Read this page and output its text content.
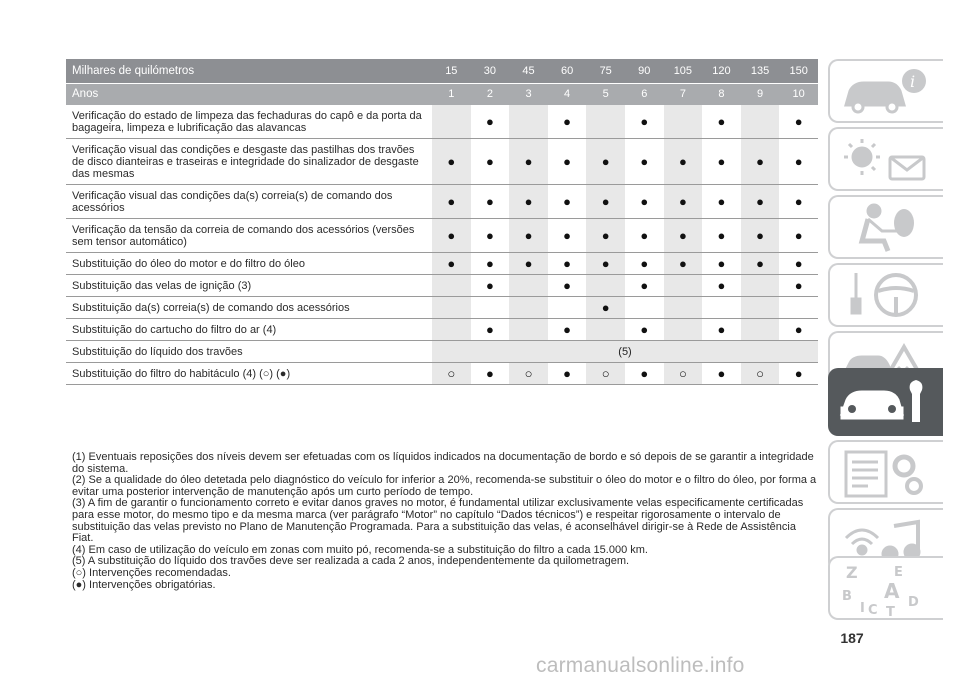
Milhares de quilómetros	15	30	45	60	75	90	105	120	135	150
Anos	1	2	3	4	5	6	7	8	9	10
Verificação do estado de limpeza das fechaduras do capô e da porta da bagageira, limpeza e lubrificação das alavancas		●		●		●		●		●
Verificação visual das condições e desgaste das pastilhas dos travões de disco dianteiras e traseiras e integridade do sinalizador de desgaste das mesmas	●	●	●	●	●	●	●	●	●	●
Verificação visual das condições da(s) correia(s) de comando dos acessórios	●	●	●	●	●	●	●	●	●	●
Verificação da tensão da correia de comando dos acessórios (versões sem tensor automático)	●	●	●	●	●	●	●	●	●	●
Substituição do óleo do motor e do filtro do óleo	●	●	●	●	●	●	●	●	●	●
Substituição das velas de ignição (3)		●		●		●		●		●
Substituição da(s) correia(s) de comando dos acessórios					●					
Substituição do cartucho do filtro do ar (4)		●		●		●		●		●
Substituição do líquido dos travões	(5)									
Substituição do filtro do habitáculo (4) (○) (●)	○	●	○	●	○	●	○	●	○	●

(1) Eventuais reposições dos níveis devem ser efetuadas com os líquidos indicados na documentação de bordo e só depois de se garantir a integridade do sistema.

(2) Se a qualidade do óleo detetada pelo diagnóstico do veículo for inferior a 20%, recomenda-se substituir o óleo do motor e o filtro do óleo, por forma a evitar uma posterior intervenção de manutenção após um curto período de tempo.

(3) A fim de garantir o funcionamento correto e evitar danos graves no motor, é fundamental utilizar exclusivamente velas especificamente certificadas para esse motor, do mesmo tipo e da mesma marca (ver parágrafo “Motor” no capítulo “Dados técnicos”) e respeitar rigorosamente o intervalo de substituição das velas previsto no Plano de Manutenção Programada. Para a substituição das velas, é aconselhável dirigir-se à Rede de Assistência Fiat.

(4) Em caso de utilização do veículo em zonas com muito pó, recomenda-se a substituição do filtro a cada 15.000 km.

(5) A substituição do líquido dos travões deve ser realizada a cada 2 anos, independentemente da quilometragem.

(○) Intervenções recomendadas.

(●) Intervenções obrigatórias.

187
carmanualsonline.info
i
Z	E
B A D
I C T
